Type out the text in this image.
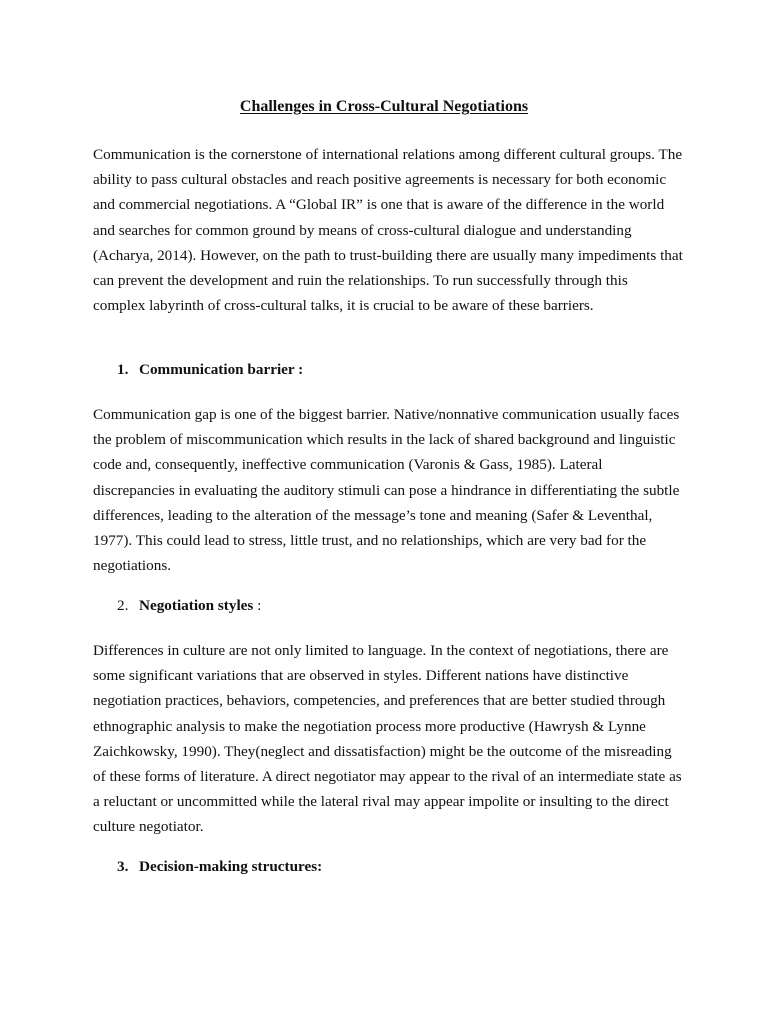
Challenges in Cross-Cultural Negotiations

Communication is the cornerstone of international relations among different cultural groups. The ability to pass cultural obstacles and reach positive agreements is necessary for both economic and commercial negotiations. A “Global IR” is one that is aware of the difference in the world and searches for common ground by means of cross-cultural dialogue and understanding (Acharya, 2014). However, on the path to trust-building there are usually many impediments that can prevent the development and ruin the relationships. To run successfully through this complex labyrinth of cross-cultural talks, it is crucial to be aware of these barriers.

1. Communication barrier :

Communication gap is one of the biggest barrier. Native/nonnative communication usually faces the problem of miscommunication which results in the lack of shared background and linguistic code and, consequently, ineffective communication (Varonis & Gass, 1985). Lateral discrepancies in evaluating the auditory stimuli can pose a hindrance in differentiating the subtle differences, leading to the alteration of the message’s tone and meaning (Safer & Leventhal, 1977). This could lead to stress, little trust, and no relationships, which are very bad for the negotiations.

2. Negotiation styles :

Differences in culture are not only limited to language. In the context of negotiations, there are some significant variations that are observed in styles. Different nations have distinctive negotiation practices, behaviors, competencies, and preferences that are better studied through ethnographic analysis to make the negotiation process more productive (Hawrysh & Lynne Zaichkowsky, 1990). They(neglect and dissatisfaction) might be the outcome of the misreading of these forms of literature. A direct negotiator may appear to the rival of an intermediate state as a reluctant or uncommitted while the lateral rival may appear impolite or insulting to the direct culture negotiator.

3. Decision-making structures:
